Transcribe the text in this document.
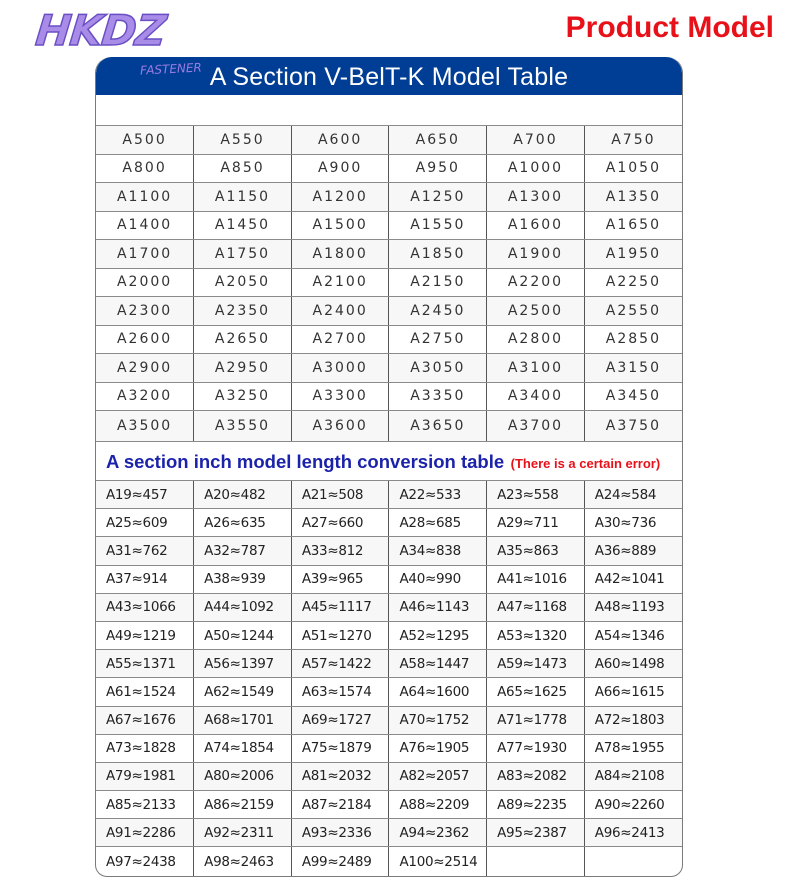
HKDZ
FASTENER
Product Model
A Section V-BelT-K Model Table
A500	A550	A600	A650	A700	A750
A800	A850	A900	A950	A1000	A1050
A1100	A1150	A1200	A1250	A1300	A1350
A1400	A1450	A1500	A1550	A1600	A1650
A1700	A1750	A1800	A1850	A1900	A1950
A2000	A2050	A2100	A2150	A2200	A2250
A2300	A2350	A2400	A2450	A2500	A2550
A2600	A2650	A2700	A2750	A2800	A2850
A2900	A2950	A3000	A3050	A3100	A3150
A3200	A3250	A3300	A3350	A3400	A3450
A3500	A3550	A3600	A3650	A3700	A3750
A section inch model length conversion table (There is a certain error)
A19≈457	A20≈482	A21≈508	A22≈533	A23≈558	A24≈584
A25≈609	A26≈635	A27≈660	A28≈685	A29≈711	A30≈736
A31≈762	A32≈787	A33≈812	A34≈838	A35≈863	A36≈889
A37≈914	A38≈939	A39≈965	A40≈990	A41≈1016	A42≈1041
A43≈1066	A44≈1092	A45≈1117	A46≈1143	A47≈1168	A48≈1193
A49≈1219	A50≈1244	A51≈1270	A52≈1295	A53≈1320	A54≈1346
A55≈1371	A56≈1397	A57≈1422	A58≈1447	A59≈1473	A60≈1498
A61≈1524	A62≈1549	A63≈1574	A64≈1600	A65≈1625	A66≈1615
A67≈1676	A68≈1701	A69≈1727	A70≈1752	A71≈1778	A72≈1803
A73≈1828	A74≈1854	A75≈1879	A76≈1905	A77≈1930	A78≈1955
A79≈1981	A80≈2006	A81≈2032	A82≈2057	A83≈2082	A84≈2108
A85≈2133	A86≈2159	A87≈2184	A88≈2209	A89≈2235	A90≈2260
A91≈2286	A92≈2311	A93≈2336	A94≈2362	A95≈2387	A96≈2413
A97≈2438	A98≈2463	A99≈2489	A100≈2514		
